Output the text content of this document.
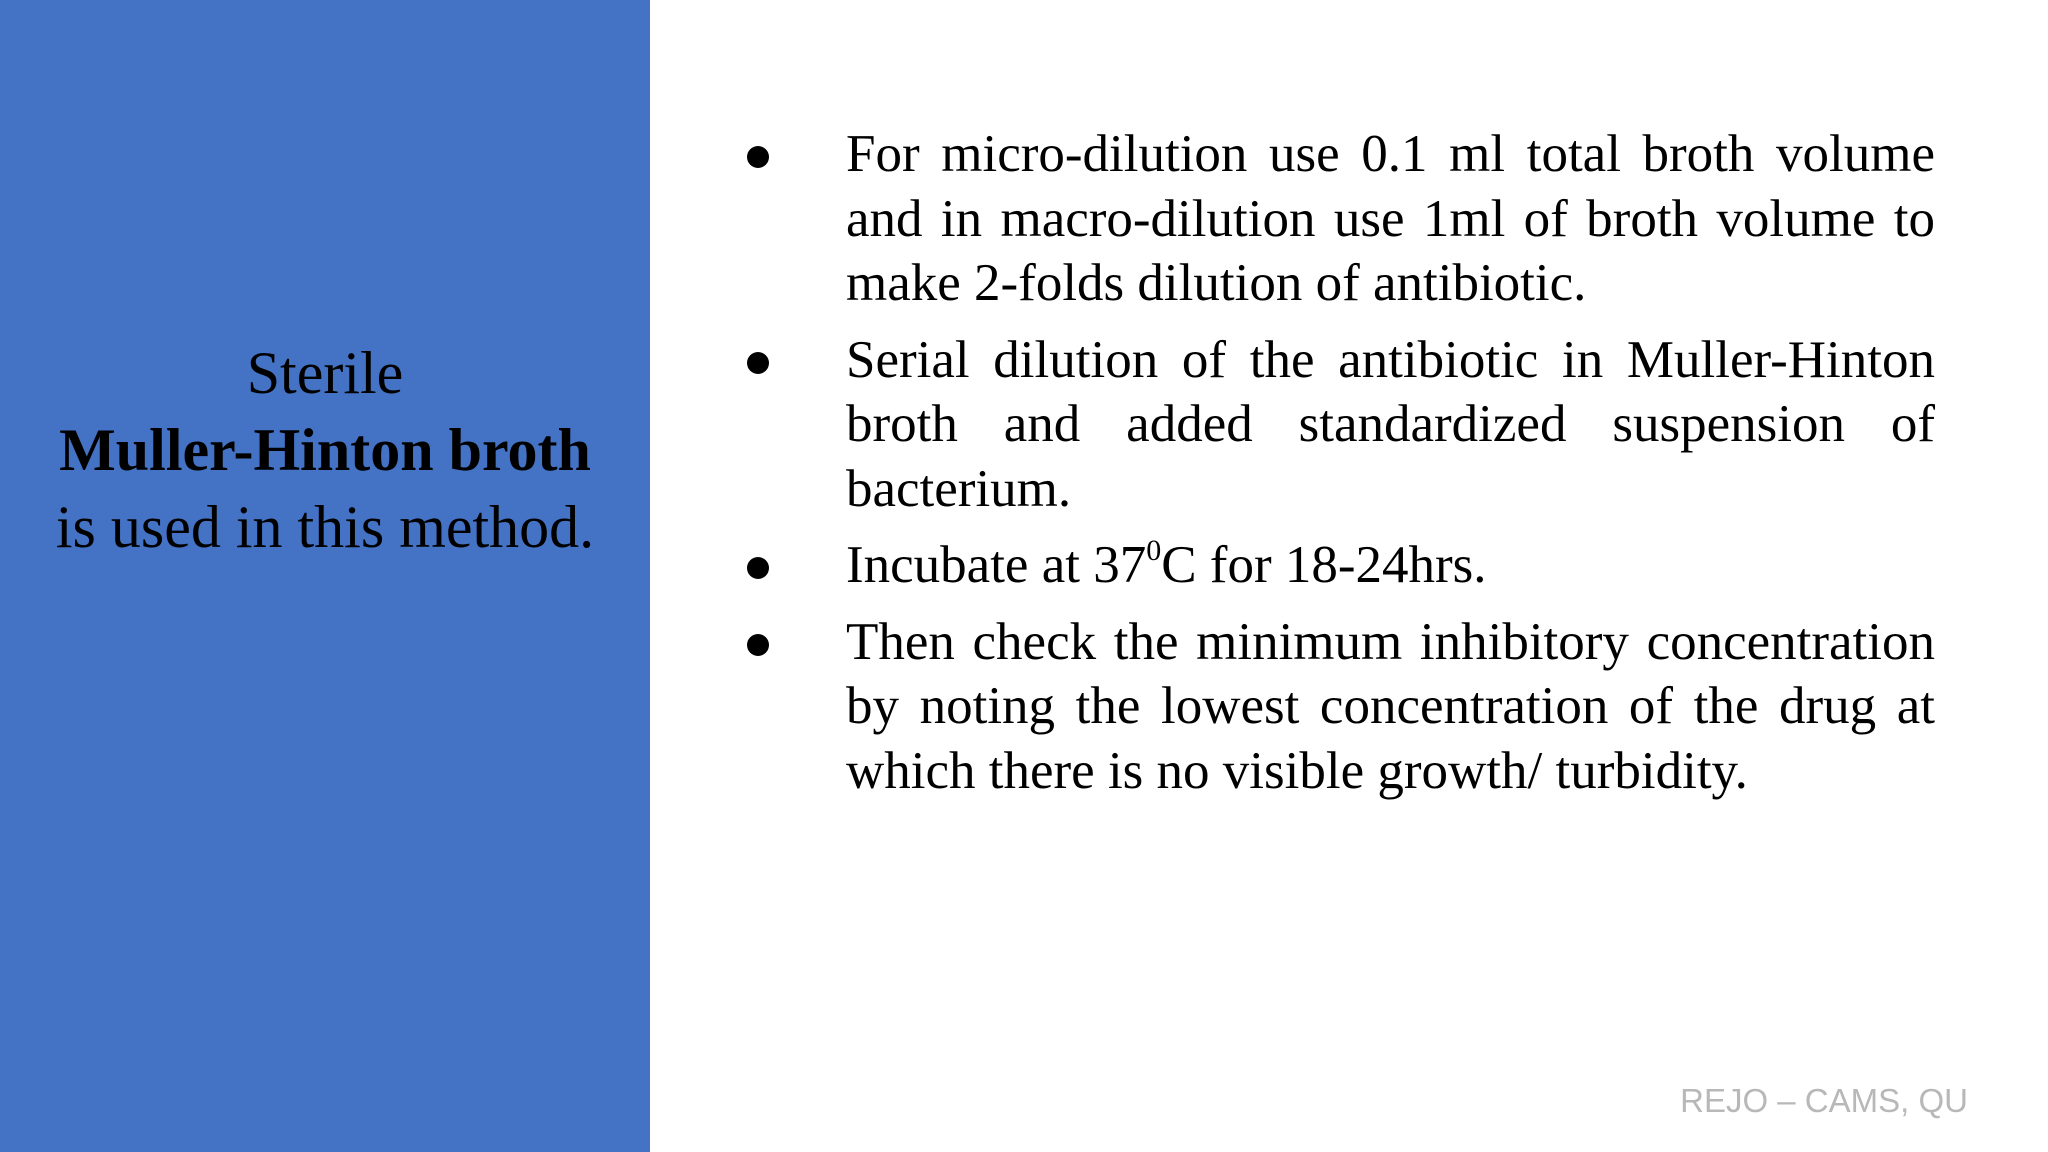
Sterile
Muller-Hinton broth
is used in this method.
For micro-dilution use 0.1 ml total broth volume and in macro-dilution use 1ml of broth volume to make 2-folds dilution of antibiotic.
Serial dilution of the antibiotic in Muller-Hinton broth and added standardized suspension of bacterium.
Incubate at $37^0C$ for 18-24hrs.
Then check the minimum inhibitory concentration by noting the lowest concentration of the drug at which there is no visible growth/ turbidity.
REJO – CAMS, QU
